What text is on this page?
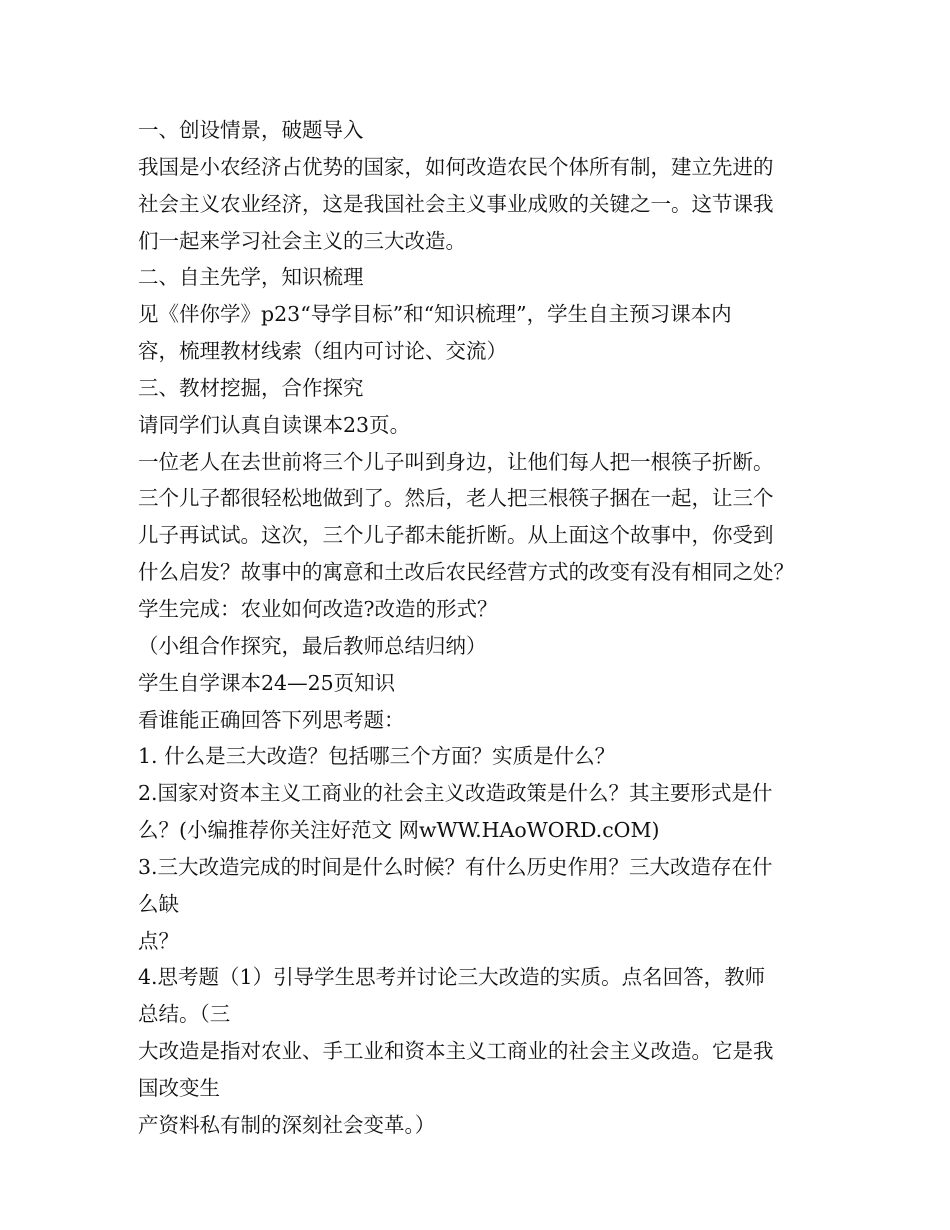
一、创设情景，破题导入
我国是小农经济占优势的国家，如何改造农民个体所有制，建立先进的
社会主义农业经济，这是我国社会主义事业成败的关键之一。这节课我
们一起来学习社会主义的三大改造。
二、自主先学，知识梳理
见《伴你学》p23“导学目标”和“知识梳理”，学生自主预习课本内
容，梳理教材线索（组内可讨论、交流）
三、教材挖掘，合作探究
请同学们认真自读课本23页。
一位老人在去世前将三个儿子叫到身边，让他们每人把一根筷子折断。
三个儿子都很轻松地做到了。然后，老人把三根筷子捆在一起，让三个
儿子再试试。这次，三个儿子都未能折断。从上面这个故事中，你受到
什么启发？故事中的寓意和土改后农民经营方式的改变有没有相同之处？
学生完成：农业如何改造?改造的形式？
（小组合作探究，最后教师总结归纳）
学生自学课本24—25页知识
看谁能正确回答下列思考题：
1. 什么是三大改造？包括哪三个方面？实质是什么？
2.国家对资本主义工商业的社会主义改造政策是什么？其主要形式是什
么？(小编推荐你关注好范文 网wWW.HAoWORD.cOM)
3.三大改造完成的时间是什么时候？有什么历史作用？三大改造存在什
么缺
点？
4.思考题（1）引导学生思考并讨论三大改造的实质。点名回答，教师
总结。（三
大改造是指对农业、手工业和资本主义工商业的社会主义改造。它是我
国改变生
产资料私有制的深刻社会变革。）
